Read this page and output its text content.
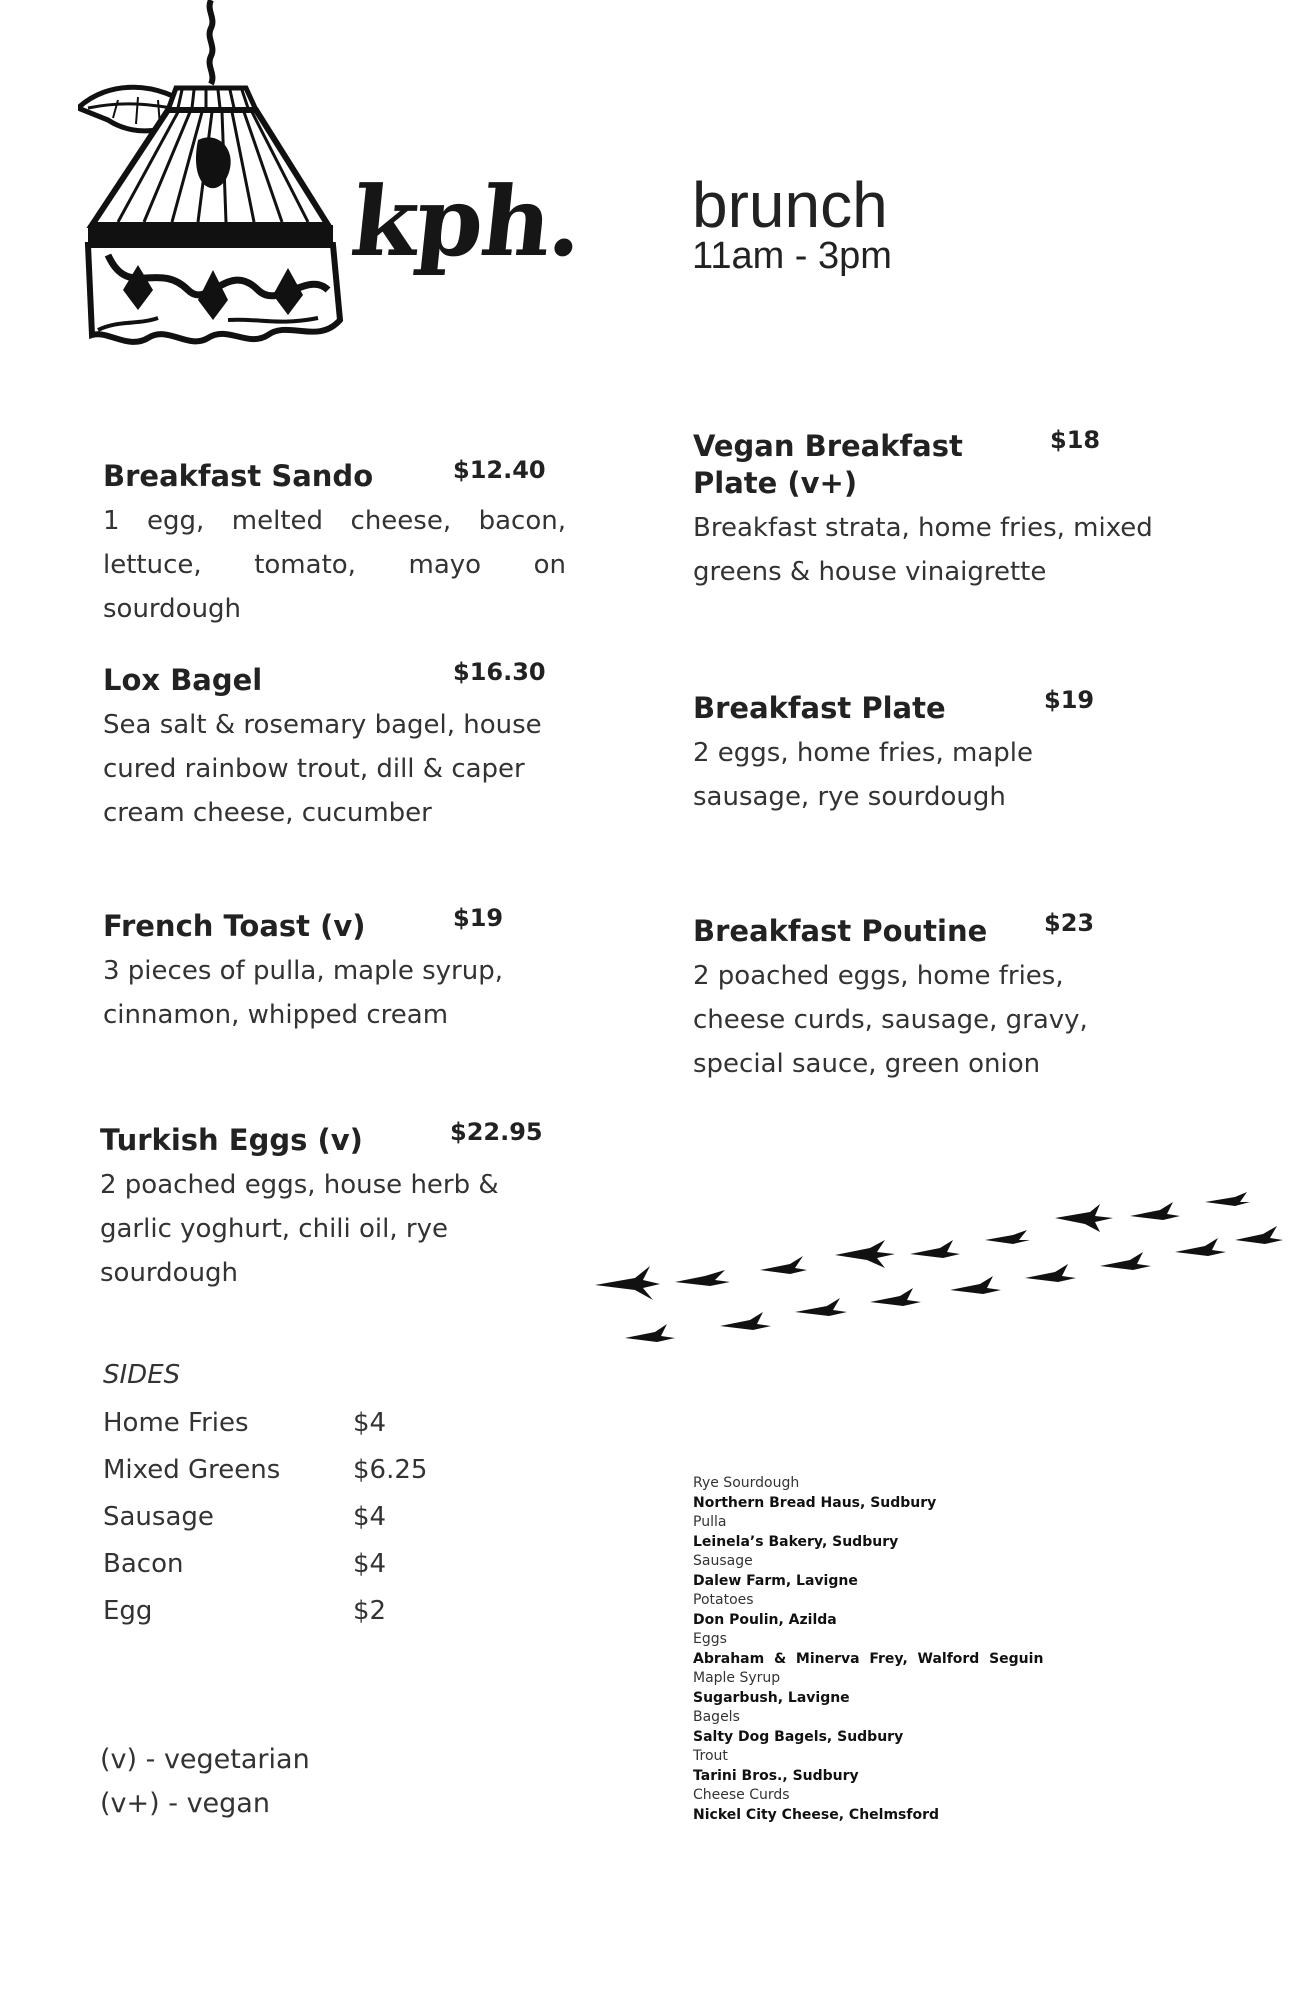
kph. brunch
11am - 3pm
Breakfast Sando	$12.40
1 egg, melted cheese, bacon, lettuce, tomato, mayo on sourdough
Lox Bagel	$16.30
Sea salt & rosemary bagel, house cured rainbow trout, dill & caper cream cheese, cucumber
French Toast (v)	$19
3 pieces of pulla, maple syrup, cinnamon, whipped cream
Turkish Eggs (v)	$22.95
2 poached eggs, house herb & garlic yoghurt, chili oil, rye sourdough
Vegan Breakfast Plate (v+)
$18
Breakfast strata, home fries, mixed greens & house vinaigrette
Breakfast Plate	$19
2 eggs, home fries, maple sausage, rye sourdough
Breakfast Poutine	$23
2 poached eggs, home fries, cheese curds, sausage, gravy, special sauce, green onion
SIDES
Home Fries	$4
Mixed Greens	$6.25
Sausage	$4
Bacon	$4
Egg	$2
(v) - vegetarian
(v+) - vegan
Rye Sourdough
Northern Bread Haus, Sudbury
Pulla
Leinela’s Bakery, Sudbury
Sausage
Dalew Farm, Lavigne
Potatoes
Don Poulin, Azilda
Eggs
Abraham  &  Minerva  Frey,  Walford  Seguin
Maple Syrup
Sugarbush, Lavigne
Bagels
Salty Dog Bagels, Sudbury
Trout
Tarini Bros., Sudbury
Cheese Curds
Nickel City Cheese, Chelmsford
